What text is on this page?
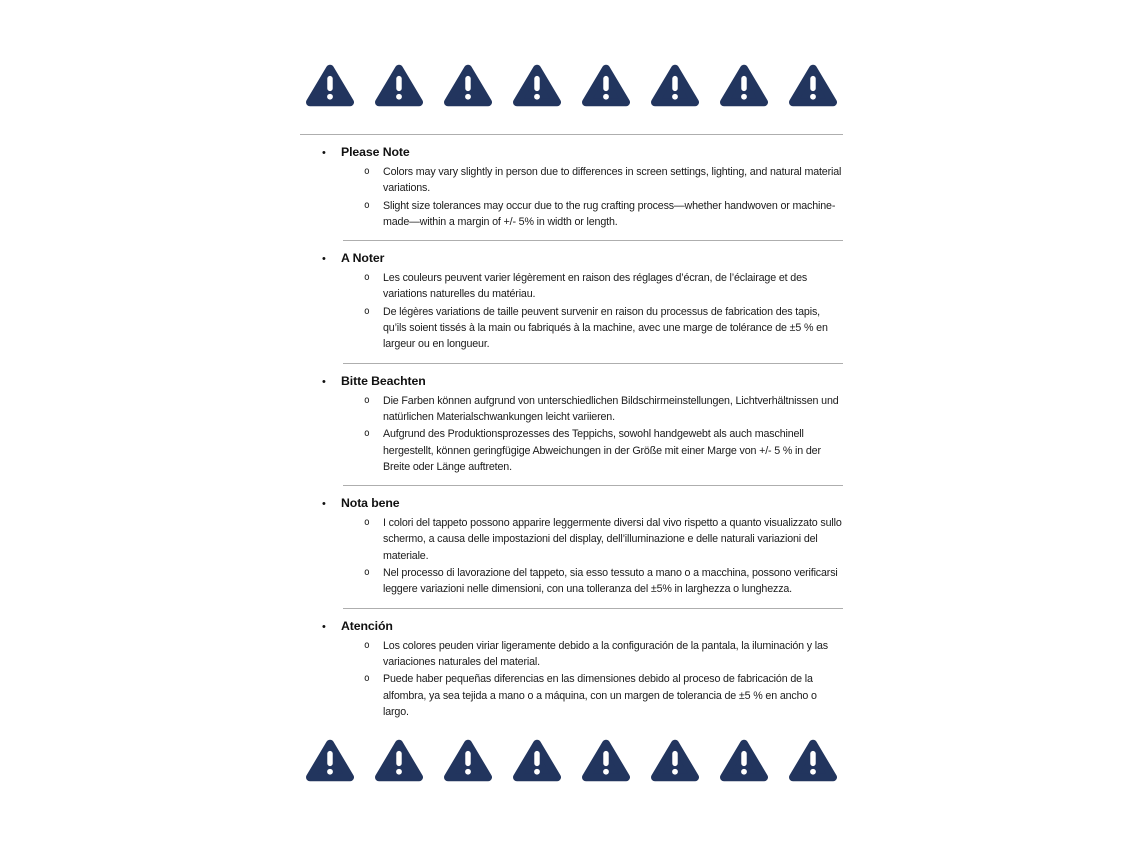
•	Please Note
o	Colors may vary slightly in person due to differences in screen settings, lighting, and natural material variations.

o	Slight size tolerances may occur due to the rug crafting process—whether handwoven or machine-made—within a margin of +/- 5% in width or length.

•	A Noter
o	Les couleurs peuvent varier légèrement en raison des réglages d’écran, de l’éclairage et des variations naturelles du matériau.

o	De légères variations de taille peuvent survenir en raison du processus de fabrication des tapis, qu’ils soient tissés à la main ou fabriqués à la machine, avec une marge de tolérance de ±5 % en largeur ou en longueur.

•	Bitte Beachten
o	Die Farben können aufgrund von unterschiedlichen Bildschirmeinstellungen, Lichtverhältnissen und natürlichen Materialschwankungen leicht variieren.

o	Aufgrund des Produktionsprozesses des Teppichs, sowohl handgewebt als auch maschinell hergestellt, können geringfügige Abweichungen in der Größe mit einer Marge von +/- 5 % in der Breite oder Länge auftreten.

•	Nota bene
o	I colori del tappeto possono apparire leggermente diversi dal vivo rispetto a quanto visualizzato sullo schermo, a causa delle impostazioni del display, dell’illuminazione e delle naturali variazioni del materiale.

o	Nel processo di lavorazione del tappeto, sia esso tessuto a mano o a macchina, possono verificarsi leggere variazioni nelle dimensioni, con una tolleranza del ±5% in larghezza o lunghezza.

•	Atención
o	Los colores peuden viriar ligeramente debido a la configuración de la pantala, la iluminación y las variaciones naturales del material.

o	Puede haber pequeñas diferencias en las dimensiones debido al proceso de fabricación de la alfombra, ya sea tejida a mano o a máquina, con un margen de tolerancia de ±5 % en ancho o largo.
